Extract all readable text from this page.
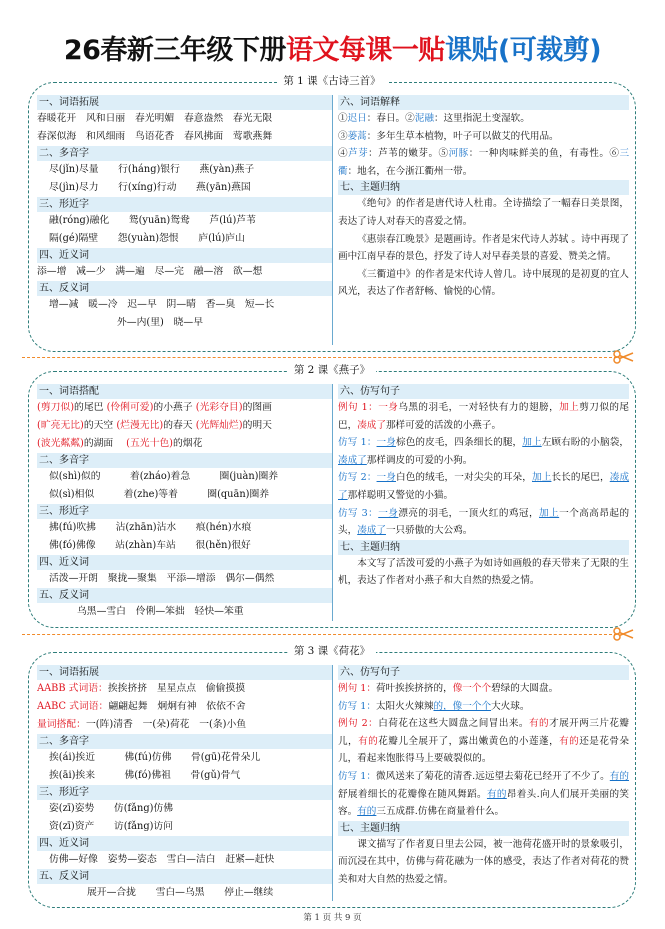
26春新三年级下册语文每课一贴课贴(可裁剪)
第 1 课《古诗三首》
一、词语拓展
春暖花开　风和日丽　春光明媚　春意盎然　春光无限
春深似海　和风细雨　鸟语花香　春风拂面　莺歌燕舞
二、多音字
尽(jǐn)尽量　　行(háng)银行　　燕(yàn)燕子
尽(jìn)尽力　　行(xíng)行动　　燕(yān)燕国
三、形近字
融(róng)融化　　鸳(yuān)鸳鸯　　芦(lú)芦苇
隔(gé)隔壁　　怨(yuàn)怨恨　　庐(lú)庐山
四、近义词
添—增　减—少　满—遍　尽—完　融—溶　欲—想
五、反义词
增—减　暖—冷　迟—早　阴—晴　香—臭　短—长
外—内(里)　晓—早
六、词语解释
①迟日：春日。②泥融：这里指泥土变湿软。
③蒌蒿：多年生草本植物，叶子可以做艾的代用品。
④芦芽：芦苇的嫩芽。⑤河豚：一种肉味鲜美的鱼，有毒性。⑥三衢：地名，在今浙江衢州一带。
七、主题归纳
《绝句》的作者是唐代诗人杜甫。全诗描绘了一幅春日美景图，表达了诗人对春天的喜爱之情。
《惠崇春江晚景》是题画诗。作者是宋代诗人苏轼 。诗中再现了画中江南早春的景色，抒发了诗人对早春美景的喜爱、赞美之情。
《三衢道中》的作者是宋代诗人曾几。诗中展现的是初夏的宜人风光，表达了作者舒畅、愉悦的心情。
第 2 课《燕子》
一、词语搭配
(剪刀似)的尾巴 (伶俐可爱)的小燕子 (光彩夺目)的图画
(旷亮无比)的天空 (烂漫无比)的春天 (光辉灿烂)的明天
(波光粼粼)的湖面　 (五光十色)的烟花
二、多音字
似(shì)似的　　　着(zháo)着急　　　圈(juàn)圈养
似(sì)相似　　　着(zhe)等着　　　圈(quān)圈养
三、形近字
拂(fú)吹拂　　沾(zhān)沾水　　痕(hén)水痕
佛(fó)佛像　　站(zhàn)车站　　很(hěn)很好
四、近义词
活泼—开朗　聚拢—聚集　平添—增添　偶尔—偶然
五、反义词
乌黑—雪白　伶俐—笨拙　轻快—笨重
六、仿写句子
例句 1：一身乌黑的羽毛，一对轻快有力的翅膀，加上剪刀似的尾巴，凑成了那样可爱的活泼的小燕子。
仿写 1：一身棕色的皮毛，四条细长的腿，加上左顾右盼的小脑袋，凑成了那样调皮的可爱的小狗。
仿写 2：一身白色的绒毛，一对尖尖的耳朵，加上长长的尾巴，凑成了那样聪明又警觉的小猫。
仿写 3：一身漂亮的羽毛，一顶火红的鸡冠，加上一个高高昂起的头，凑成了一只骄傲的大公鸡。
七、主题归纳
本文写了活泼可爱的小燕子为如诗如画般的春天带来了无限的生机，表达了作者对小燕子和大自然的热爱之情。
第 3 课《荷花》
一、词语拓展
AABB 式词语：挨挨挤挤　星星点点　偷偷摸摸
AABC 式词语：翩翩起舞　炯炯有神　依依不舍
量词搭配：一(阵)清香　一(朵)荷花　一(条)小鱼
二、多音字
挨(ái)挨近　　　佛(fú)仿佛　　骨(gū)花骨朵儿
挨(āi)挨来　　　佛(fó)佛祖　　骨(gǔ)骨气
三、形近字
姿(zī)姿势　　仿(fǎng)仿佛
资(zī)资产　　访(fǎng)访问
四、近义词
仿佛—好像　姿势—姿态　雪白—洁白　赶紧—赶快
五、反义词
展开—合拢　　雪白—乌黑　　停止—继续
六、仿写句子
例句 1：荷叶挨挨挤挤的，像一个个碧绿的大圆盘。
仿写 1：太阳火火辣辣的，像一个个大火球。
例句 2：白荷花在这些大圆盘之间冒出来。有的才展开两三片花瓣儿，有的花瓣儿全展开了，露出嫩黄色的小莲蓬，有的还是花骨朵儿，看起来饱胀得马上要破裂似的。
仿写 1：微风送来了菊花的清香.远远望去菊花已经开了不少了。有的舒展着细长的花瓣像在随风舞蹈。有的昂着头.向人们展开美丽的笑容。有的三五成群.仿佛在商量着什么。
七、主题归纳
课文描写了作者夏日里去公园，被一池荷花盛开时的景象吸引，而沉浸在其中，仿佛与荷花融为一体的感受，表达了作者对荷花的赞美和对大自然的热爱之情。
第 1 页 共 9 页
